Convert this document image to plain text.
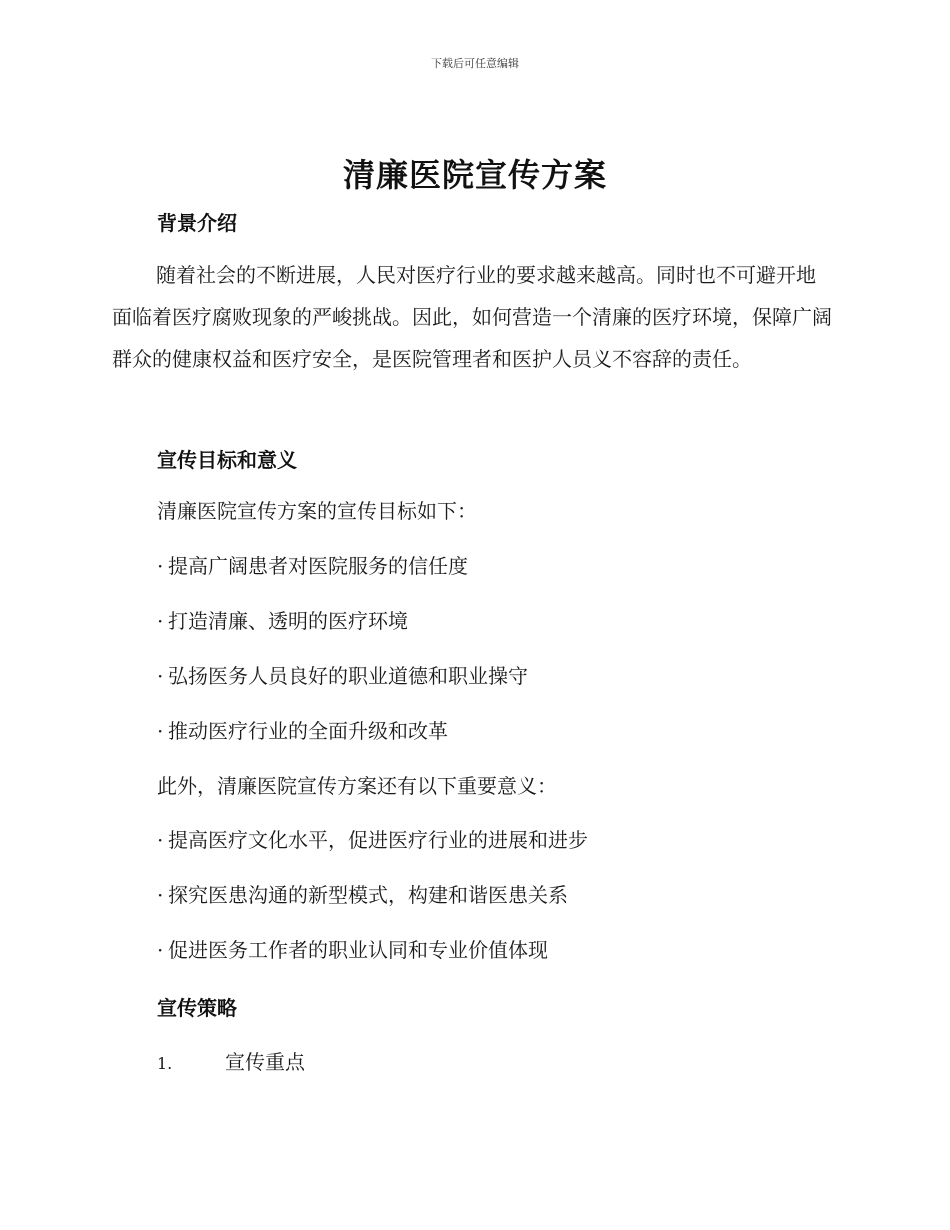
下载后可任意编辑
清廉医院宣传方案
背景介绍
随着社会的不断进展，人民对医疗行业的要求越来越高。同时也不可避开地面临着医疗腐败现象的严峻挑战。因此，如何营造一个清廉的医疗环境，保障广阔群众的健康权益和医疗安全，是医院管理者和医护人员义不容辞的责任。
宣传目标和意义
清廉医院宣传方案的宣传目标如下：
· 提高广阔患者对医院服务的信任度
· 打造清廉、透明的医疗环境
· 弘扬医务人员良好的职业道德和职业操守
· 推动医疗行业的全面升级和改革
此外，清廉医院宣传方案还有以下重要意义：
· 提高医疗文化水平，促进医疗行业的进展和进步
· 探究医患沟通的新型模式，构建和谐医患关系
· 促进医务工作者的职业认同和专业价值体现
宣传策略
1.	宣传重点
